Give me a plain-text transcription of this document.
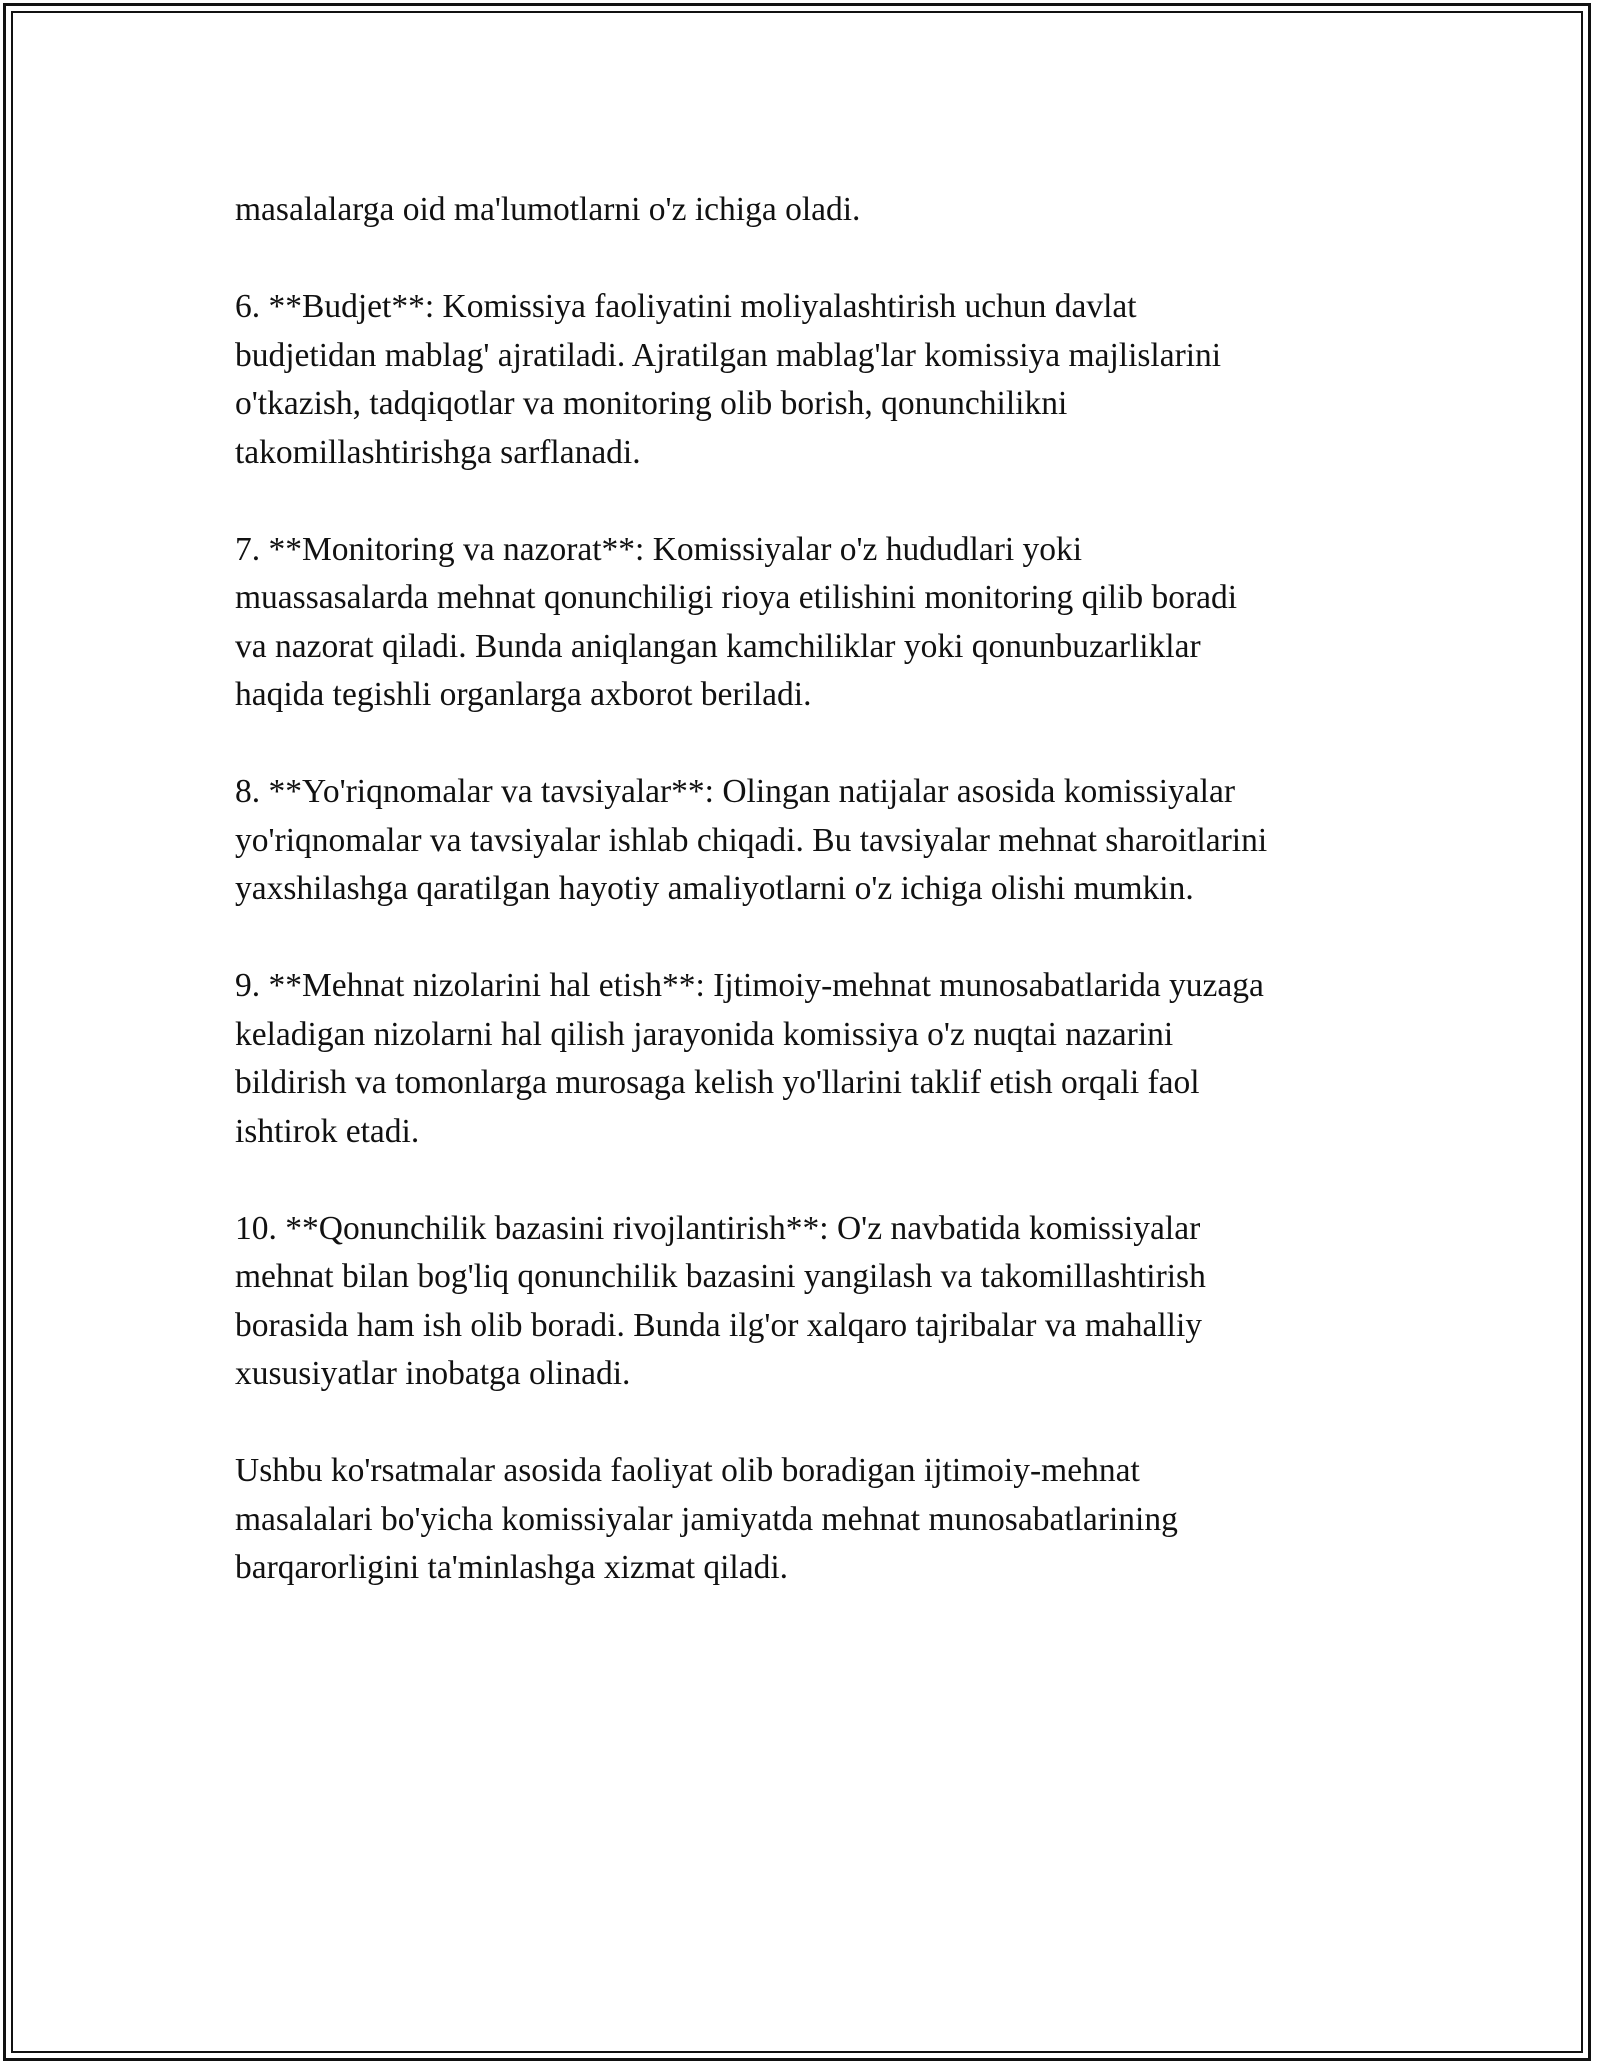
masalalarga oid ma'lumotlarni o'z ichiga oladi.

6. **Budjet**: Komissiya faoliyatini moliyalashtirish uchun davlat
budjetidan mablag' ajratiladi. Ajratilgan mablag'lar komissiya majlislarini
o'tkazish, tadqiqotlar va monitoring olib borish, qonunchilikni
takomillashtirishga sarflanadi.

7. **Monitoring va nazorat**: Komissiyalar o'z hududlari yoki
muassasalarda mehnat qonunchiligi rioya etilishini monitoring qilib boradi
va nazorat qiladi. Bunda aniqlangan kamchiliklar yoki qonunbuzarliklar
haqida tegishli organlarga axborot beriladi.

8. **Yo'riqnomalar va tavsiyalar**: Olingan natijalar asosida komissiyalar
yo'riqnomalar va tavsiyalar ishlab chiqadi. Bu tavsiyalar mehnat sharoitlarini
yaxshilashga qaratilgan hayotiy amaliyotlarni o'z ichiga olishi mumkin.

9. **Mehnat nizolarini hal etish**: Ijtimoiy-mehnat munosabatlarida yuzaga
keladigan nizolarni hal qilish jarayonida komissiya o'z nuqtai nazarini
bildirish va tomonlarga murosaga kelish yo'llarini taklif etish orqali faol
ishtirok etadi.

10. **Qonunchilik bazasini rivojlantirish**: O'z navbatida komissiyalar
mehnat bilan bog'liq qonunchilik bazasini yangilash va takomillashtirish
borasida ham ish olib boradi. Bunda ilg'or xalqaro tajribalar va mahalliy
xususiyatlar inobatga olinadi.

Ushbu ko'rsatmalar asosida faoliyat olib boradigan ijtimoiy-mehnat
masalalari bo'yicha komissiyalar jamiyatda mehnat munosabatlarining
barqarorligini ta'minlashga xizmat qiladi.
